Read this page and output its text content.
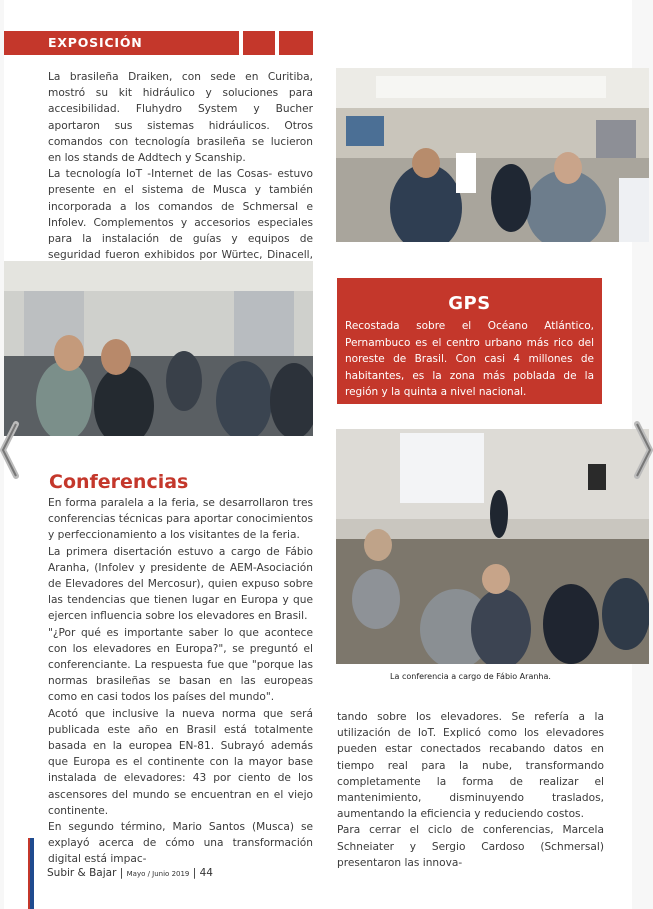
EXPOSICIÓN

La brasileña Draiken, con sede en Curitiba, mostró su kit hidráulico y soluciones para accesibilidad. Fluhydro System y Bucher aportaron sus sistemas hidráulicos. Otros comandos con tecnología brasileña se lucieron en los stands de Addtech y Scanship.

La tecnología IoT -Internet de las Cosas- estuvo presente en el sistema de Musca y también incorporada a los comandos de Schmersal e Infolev. Complementos y accesorios especiales para la instalación de guías y equipos de seguridad fueron exhibidos por Würtec, Dinacell,

GPS
Recostada sobre el Océano Atlántico, Pernambuco es el centro urbano más rico del noreste de Brasil. Con casi 4 millones de habitantes, es la zona más poblada de la región y la quinta a nivel nacional.
Conferencias

En forma paralela a la feria, se desarrollaron tres conferencias técnicas para aportar conocimientos y perfeccionamiento a los visitantes de la feria.

La primera disertación estuvo a cargo de Fábio Aranha, (Infolev y presidente de AEM-Asociación de Elevadores del Mercosur), quien expuso sobre las tendencias que tienen lugar en Europa y que ejercen influencia sobre los elevadores en Brasil.

"¿Por qué es importante saber lo que acontece con los elevadores en Europa?", se preguntó el conferenciante. La respuesta fue que "porque las normas brasileñas se basan en las europeas como en casi todos los países del mundo".

Acotó que inclusive la nueva norma que será publicada este año en Brasil está totalmente basada en la europea EN-81. Subrayó además que Europa es el continente con la mayor base instalada de elevadores: 43 por ciento de los ascensores del mundo se encuentran en el viejo continente.

En segundo término, Mario Santos (Musca) se explayó acerca de cómo una transformación digital está impac-

La conferencia a cargo de Fábio Aranha.

tando sobre los elevadores. Se refería a la utilización de IoT. Explicó como los elevadores pueden estar conectados recabando datos en tiempo real para la nube, transformando completamente la forma de realizar el mantenimiento, disminuyendo traslados, aumentando la eficiencia y reduciendo costos.

Para cerrar el ciclo de conferencias, Marcela Schneiater y Sergio Cardoso (Schmersal) presentaron las innova-

Subir & Bajar | Mayo / Junio 2019 | 44
